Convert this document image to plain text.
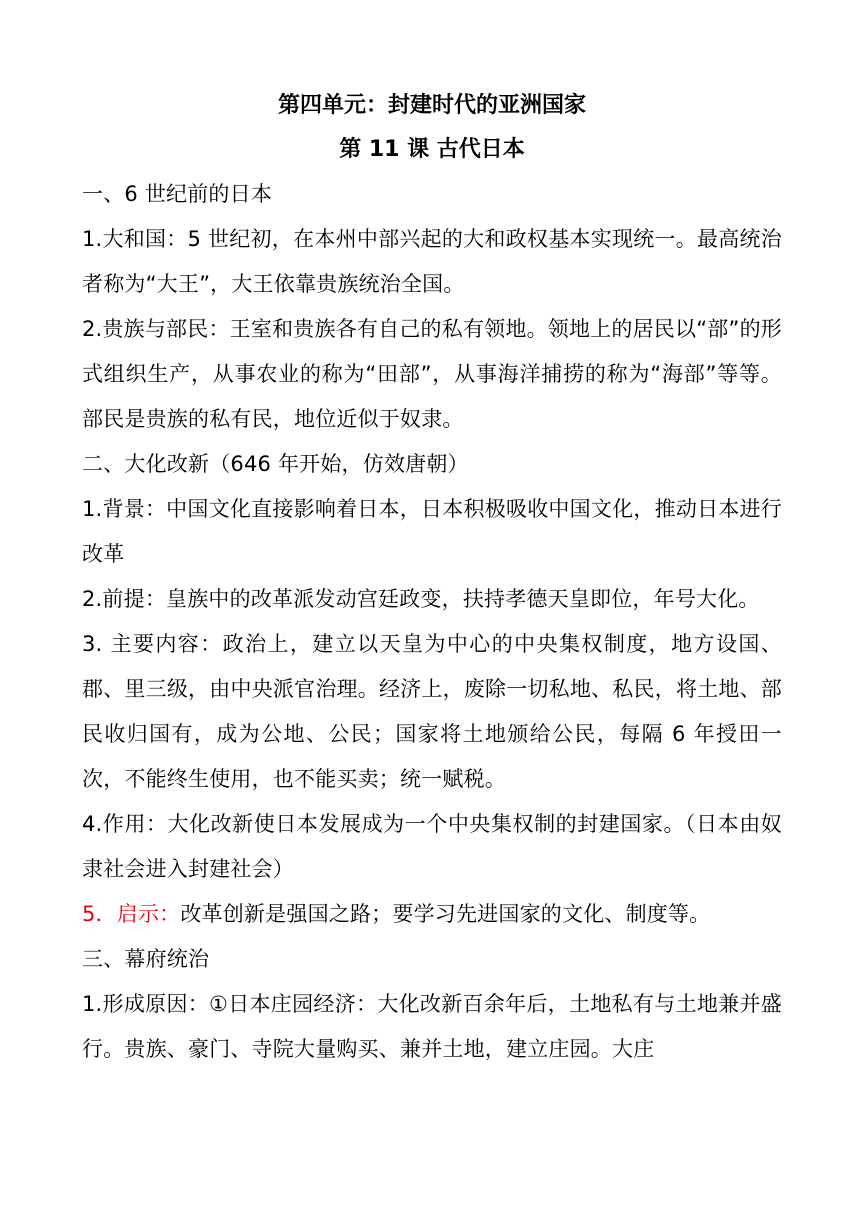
第四单元：封建时代的亚洲国家

第 11 课 古代日本

一、6 世纪前的日本

1.大和国：5 世纪初，在本州中部兴起的大和政权基本实现统一。最高统治者称为“大王”，大王依靠贵族统治全国。

2.贵族与部民：王室和贵族各有自己的私有领地。领地上的居民以“部”的形式组织生产，从事农业的称为“田部”，从事海洋捕捞的称为“海部”等等。部民是贵族的私有民，地位近似于奴隶。

二、大化改新（646 年开始，仿效唐朝）

1.背景：中国文化直接影响着日本，日本积极吸收中国文化，推动日本进行改革

2.前提：皇族中的改革派发动宫廷政变，扶持孝德天皇即位，年号大化。

3. 主要内容：政治上，建立以天皇为中心的中央集权制度，地方设国、郡、里三级，由中央派官治理。经济上，废除一切私地、私民，将土地、部民收归国有，成为公地、公民；国家将土地颁给公民，每隔 6 年授田一次，不能终生使用，也不能买卖；统一赋税。

4.作用：大化改新使日本发展成为一个中央集权制的封建国家。（日本由奴隶社会进入封建社会）

5．启示：改革创新是强国之路；要学习先进国家的文化、制度等。

三、幕府统治

1.形成原因：①日本庄园经济：大化改新百余年后，土地私有与土地兼并盛行。贵族、豪门、寺院大量购买、兼并土地，建立庄园。大庄
